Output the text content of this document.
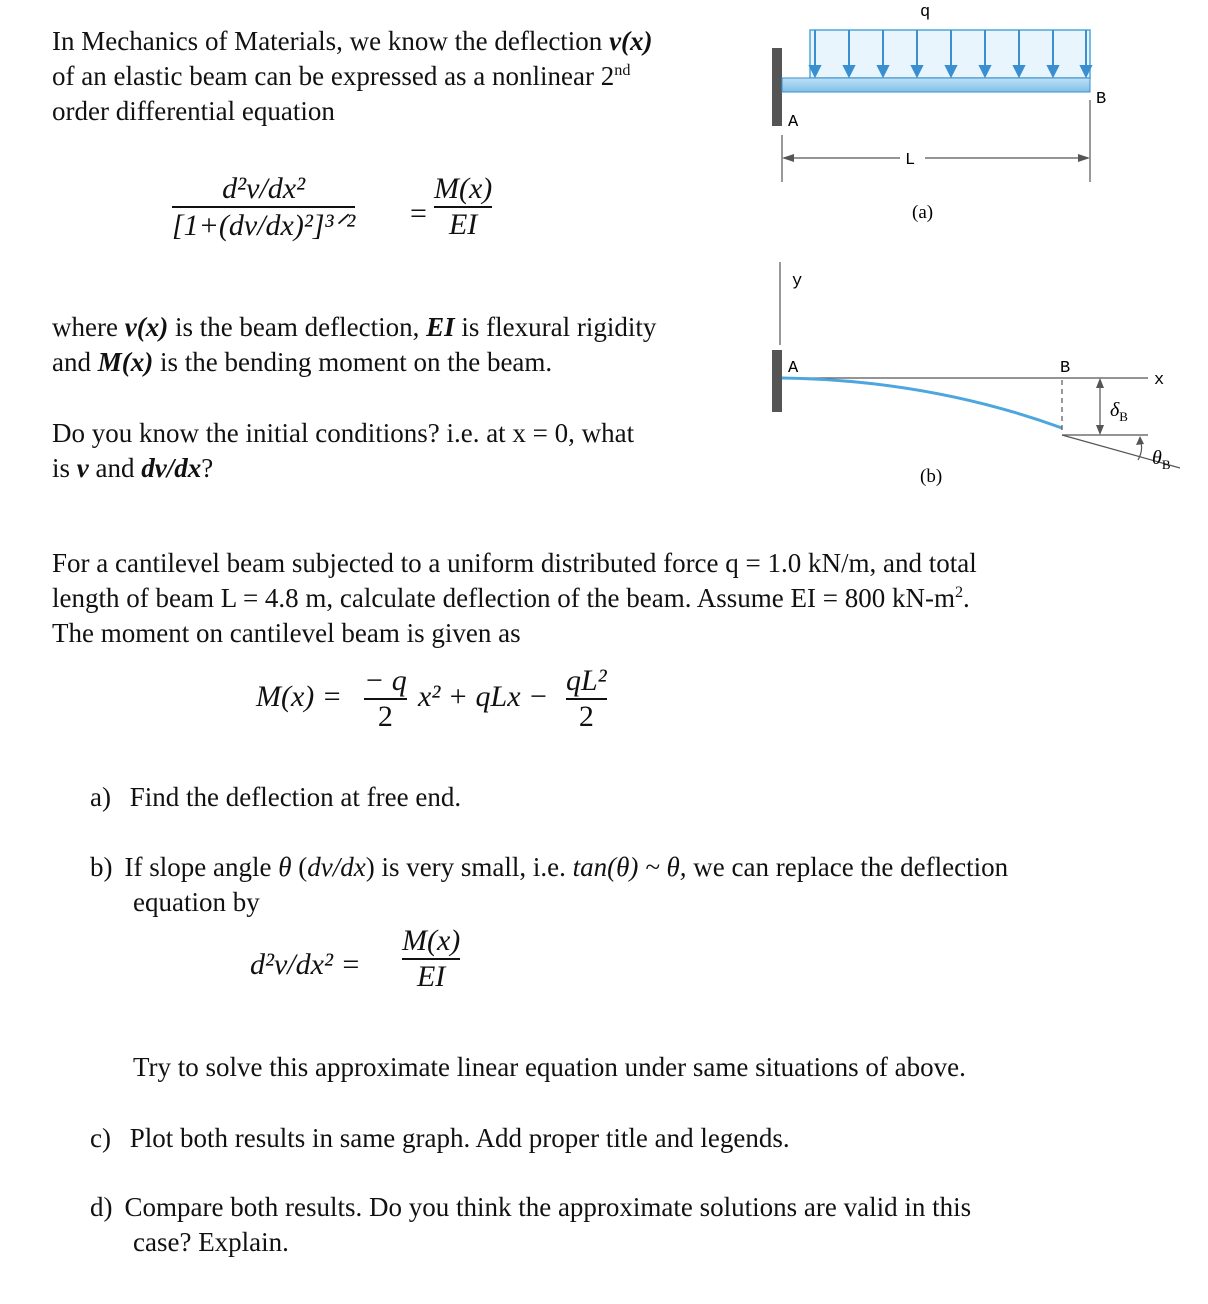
In Mechanics of Materials, we know the deflection v(x)
of an elastic beam can be expressed as a nonlinear 2nd
order differential equation
d²v/dx²
[1+(dv/dx)²]³ᐟ² =
M(x)
EI
where v(x) is the beam deflection, EI is flexural rigidity
and M(x) is the bending moment on the beam.
Do you know the initial conditions? i.e. at x = 0, what
is v and dv/dx?
q
A
B
L
(a)
y
x
A	B
$\delta_B$
$\theta_B$
(b)
For a cantilevel beam subjected to a uniform distributed force q = 1.0 kN/m, and total
length of beam L = 4.8 m, calculate deflection of the beam. Assume EI = 800 $kN-m^2$.
The moment on cantilevel beam is given as
M(x) = − q
2
x² + qLx − qL²
2
a) Find the deflection at free end.
b) If slope angle θ (dv/dx) is very small, i.e. tan(θ) ~ θ, we can replace the deflection
equation by
d²v/dx² =
M(x)
EI
Try to solve this approximate linear equation under same situations of above.
c) Plot both results in same graph. Add proper title and legends.
d) Compare both results. Do you think the approximate solutions are valid in this
case? Explain.
